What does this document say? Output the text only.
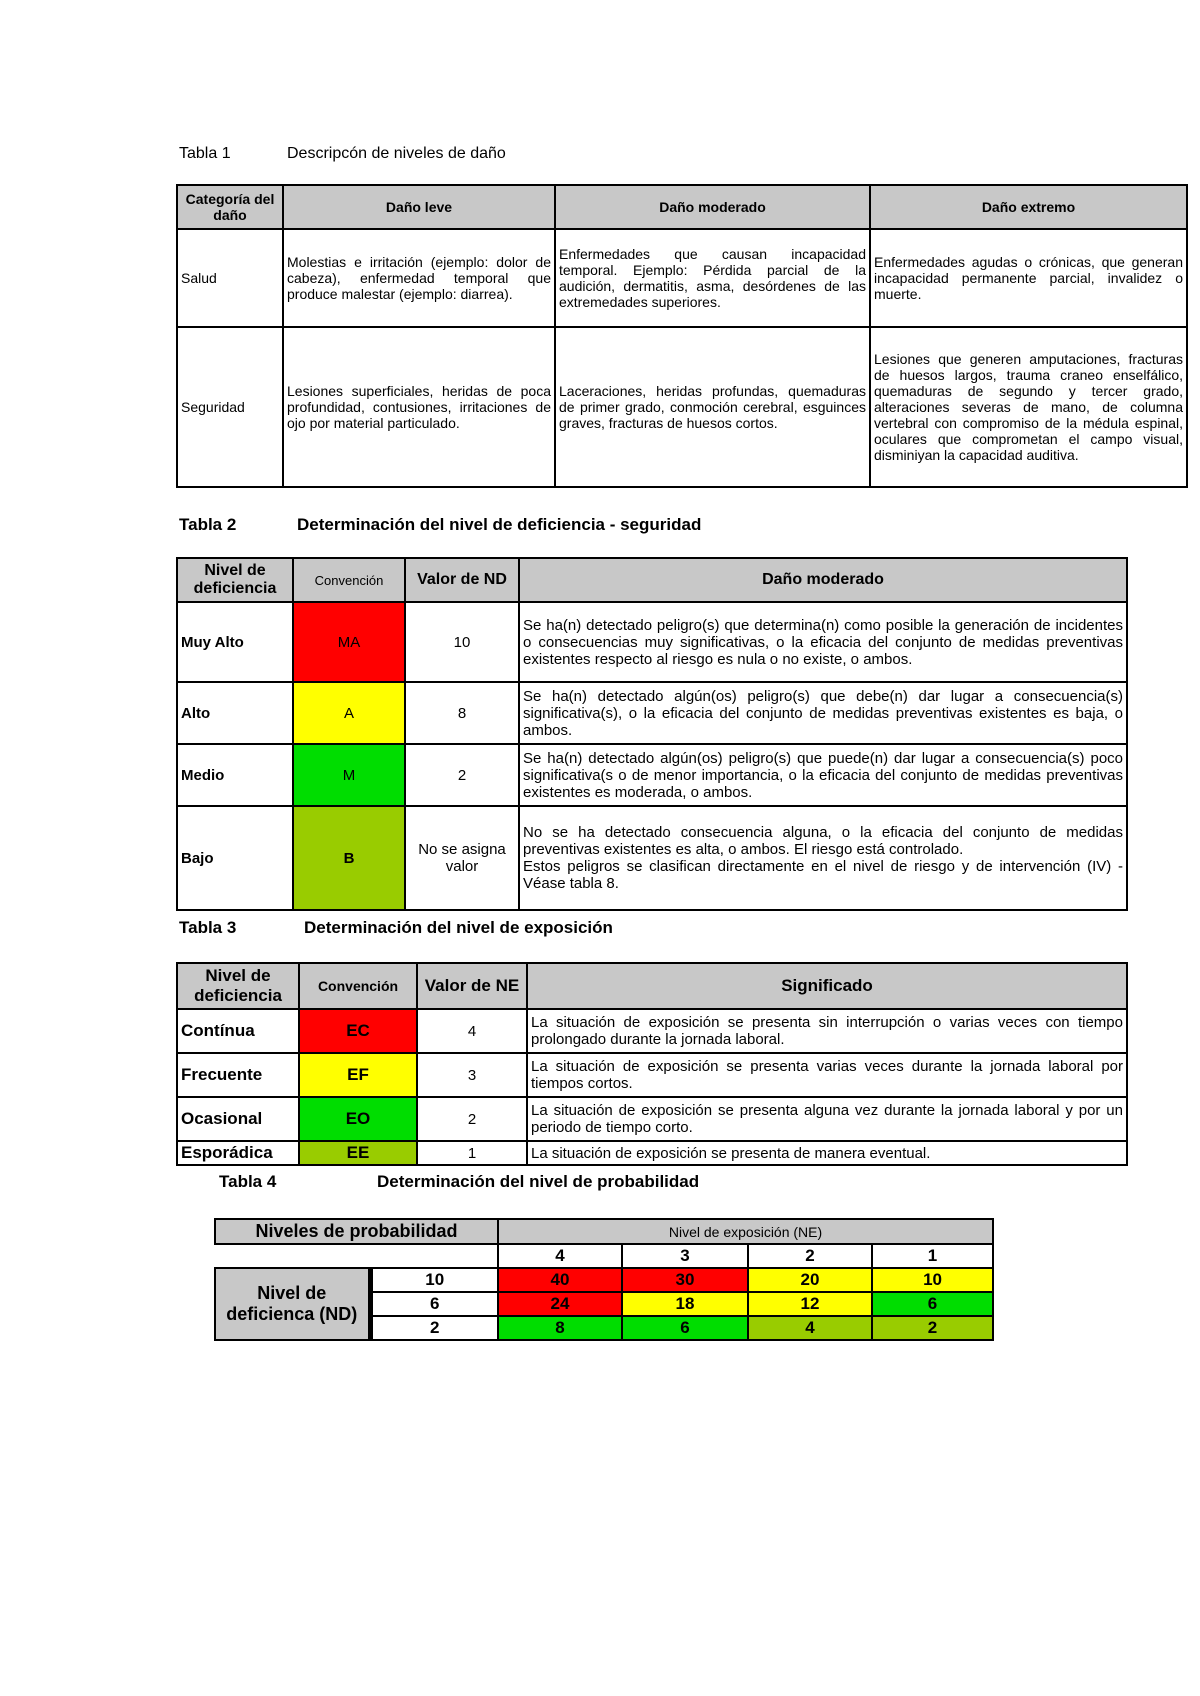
Tabla 1	Descripcón de niveles de daño
Categoría del daño	Daño leve	Daño moderado	Daño extremo
Salud	Molestias e irritación (ejemplo: dolor de cabeza), enfermedad temporal que produce malestar (ejemplo: diarrea).	Enfermedades que causan incapacidad temporal. Ejemplo: Pérdida parcial de la audición, dermatitis, asma, desórdenes de las extremedades superiores.	Enfermedades agudas o crónicas, que generan incapacidad permanente parcial, invalidez o muerte.
Seguridad	Lesiones superficiales, heridas de poca profundidad, contusiones, irritaciones de ojo por material particulado.	Laceraciones, heridas profundas, quemaduras de primer grado, conmoción cerebral, esguinces graves, fracturas de huesos cortos.	Lesiones que generen amputaciones, fracturas de huesos largos, trauma craneo enselfálico, quemaduras de segundo y tercer grado, alteraciones severas de mano, de columna vertebral con compromiso de la médula espinal, oculares que comprometan el campo visual, disminiyan la capacidad auditiva.
Tabla 2	Determinación del nivel de deficiencia - seguridad
Nivel de deficiencia	Convención	Valor de ND	Daño moderado
Muy Alto	MA	10	Se ha(n) detectado peligro(s) que determina(n) como posible la generación de incidentes o consecuencias muy significativas, o la eficacia del conjunto de medidas preventivas existentes respecto al riesgo es nula o no existe, o ambos.
Alto	A	8	Se ha(n) detectado algún(os) peligro(s) que debe(n) dar lugar a consecuencia(s) significativa(s), o la eficacia del conjunto de medidas preventivas existentes es baja, o ambos.
Medio	M	2	Se ha(n) detectado algún(os) peligro(s) que puede(n) dar lugar a consecuencia(s) poco significativa(s o de menor importancia, o la eficacia del conjunto de medidas preventivas existentes es moderada, o ambos.
Bajo	B	No se asigna valor	No se ha detectado consecuencia alguna, o la eficacia del conjunto de medidas preventivas existentes es alta, o ambos. El riesgo está controlado.

Estos peligros se clasifican directamente en el nivel de riesgo y de intervención (IV) - Véase tabla 8.

Tabla 3	Determinación del nivel de exposición
Nivel de deficiencia	Convención	Valor de NE	Significado
Contínua	EC	4	La situación de exposición se presenta sin interrupción o varias veces con tiempo prolongado durante la jornada laboral.
Frecuente	EF	3	La situación de exposición se presenta varias veces durante la jornada laboral por tiempos cortos.
Ocasional	EO	2	La situación de exposición se presenta alguna vez durante la jornada laboral y por un periodo de tiempo corto.
Esporádica	EE	1	La situación de exposición se presenta de manera eventual.
Tabla 4	Determinación del nivel de probabilidad
Niveles de probabilidad		Nivel de exposición (NE)			
		4	3	2	1
Nivel de deficienca (ND)	10	40	30	20	10
	6	24	18	12	6
	2	8	6	4	2
